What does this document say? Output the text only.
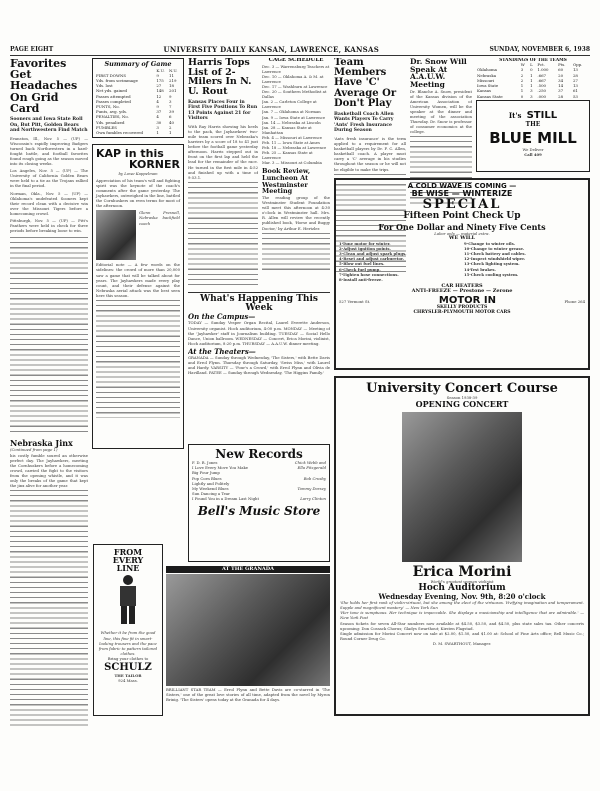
PAGE EIGHT	UNIVERSITY DAILY KANSAN, LAWRENCE, KANSAS	SUNDAY, NOVEMBER 6, 1938
Favorites Get Headaches On Grid Card
Sooners and Iowa State Roll On, But Pitt, Golden Bears and Northwestern Find Match

Evanston, Ill., Nov. 5 — (UP) — Wisconsin's rapidly improving Badgers turned back Northwestern in a hard-fought battle, and football favorites found rough going as the season moved into its closing weeks.

Los Angeles, Nov. 5 — (UP) — The University of California Golden Bears were held to a tie as the Trojans rallied in the final period.

Norman, Okla., Nov. 5 — (UP) — Oklahoma's undefeated Sooners kept their record clean with a decisive win over the Missouri Tigers before a homecoming crowd.

Pittsburgh, Nov. 5 — (UP) — Pitt's Panthers were held in check for three periods before breaking loose to win.

Nebraska Jinx
(Continued from page 1)
his costly fumble soured an otherwise perfect day. The Jayhawkers, meeting the Cornhuskers before a homecoming crowd, carried the fight to the visitors from the opening whistle, and it was only the breaks of the game that kept the jinx alive for another year.
Summary of Game
	K.U.	N.U.
FIRST DOWNS	9	11
Yds. from scrimmage	175	219
Yds. lost	27	18
Net yds. gained	148	201
Passes attempted	12	9
Passes completed	4	3
PUNTS, No.	9	7
Punts, avg. yds.	37	39
PENALTIES, No.	4	6
Yds. penalized	30	40
FUMBLES	3	2
Own fumbles recovered	1	1
KAP in this
KORNER
by Lowe Kappelman
Appreciation of his team's will and fighting spirit was the keynote of the coach's comments after the game yesterday. The Jayhawkers, outweighed in the line, battled the Cornhuskers on even terms for most of the afternoon.
Glenn Presnell, Nebraska backfield coach
Editorial note — A few words on the sidelines: the crowd of more than 20,000 saw a game that will be talked about for years. The Jayhawkers made every play count, and their defense against the Nebraska aerial attack was the best seen here this season.
FROM
EVERY
LINE
Whether it be from the good line, this fine fit in smart-looking trousers and the pace from fabric to pattern tailored clothes.
Bring your clothes to
SCHULZ
THE TAILOR
924 Mass.
Harris Tops List of 2-Milers In N. U. Rout
Kansas Places Four in First Five Positions To Run 13 Points Against 21 for Visitors
With Ray Harris showing his heels to the pack, the Jayhawkers' two-mile team scored over Nebraska's harriers by a score of 18 to 41 just before the football game yesterday afternoon. Harris stepped out in front on the first lap and held the lead for the remainder of the race. He turned in the first mile in 4:52 and finished up with a time of 9:53.1.
CAGE SCHEDULE
Dec. 3 — Warrensburg Teachers at Lawrence
Dec. 10 — Oklahoma A. & M. at Lawrence
Dec. 17 — Washburn at Lawrence
Dec. 20 — Southern Methodist at Dallas
Jan. 2 — Carleton College at Lawrence
Jan. 7 — Oklahoma at Norman
Jan. 9 — Iowa State at Lawrence
Jan. 14 — Nebraska at Lincoln
Jan. 28 — Kansas State at Manhattan
Feb. 4 — Missouri at Lawrence
Feb. 11 — Iowa State at Ames
Feb. 18 — Nebraska at Lawrence
Feb. 25 — Kansas State at Lawrence
Mar. 3 — Missouri at Columbia
Book Review, Luncheon At Westminster Meeting
The reading group of the Westminster Student Foundation will meet this afternoon at 4:30 o'clock in Westminster hall. Mrs. R. Allen will review the recently published book, 'Horse and Buggy Doctor,' by Arthur E. Hertzler.
Team Members Have 'C' Average Or Don't Play
Basketball Coach Allen Wants Players To Carry 'Ants' Fresh Insurance During Season
'Ants fresh insurance' is the term applied to a requirement for all basketball players by Dr. F. C. Allen, basketball coach. A player must carry a 'C' average in his studies throughout the season or he will not be eligible to make the trips.
Dr. Snow Will Speak At A.A.U.W. Meeting
Dr. Blanche A. Snow, president of the Kansas division of the American Association of University Women, will be the speaker at the dinner and meeting of the association Thursday. Dr. Snow is professor of consumer economics at the college.
STANDINGS OF THE TEAMS
	W	L	Pct.	Pts.	Opp.
Oklahoma	3	0	1.000	60	13
Nebraska	2	1	.667	20	28
Missouri	2	1	.667	34	27
Iowa State	1	1	.500	14	13
Kansas	1	3	.250	37	61
Kansas State	0	3	.000	28	53
It's STILL
THE
BLUE MILL
We Deliver
Call 409
A COLD WAVE IS COMING —
BE WISE — WINTERIZE
SPECIAL
Fifteen Point Check Up
For One Dollar and Ninety Five Cents
Labor only — material extra.
WE WILL
1-Tune motor for winter.
2-Adjust ignition points.
3-Clean and adjust spark plugs.
4-Reset and adjust carburetor.
5-Blow out fuel lines.
6-Check fuel pump.
7-Tighten hose connections.
8-Install anti-freeze.
9-Change to winter oils.
10-Change to winter grease.
11-Check battery and cables.
12-Inspect windshield wiper.
13-Check lighting system.
14-Test brakes.
15-Check cooling system.
CAR HEATERS
ANTI-FREEZE — Prestone — Zerone
527 Vermont St.	MOTOR IN	Phone 264
SKELLY PRODUCTS
CHRYSLER-PLYMOUTH MOTOR CARS
What's Happening This Week
On the Campus—
TODAY — Sunday Vesper Organ Recital, Laurel Everette Anderson, University organist. Hoch auditorium, 4:00 p.m. MONDAY — Meeting of the 'Jayhawker' staff in Journalism building. TUESDAY — Social Hello Dance, Union ballroom. WEDNESDAY — Concert, Erica Morini, violinist, Hoch auditorium, 8:20 p.m. THURSDAY — A.A.U.W. dinner meeting.
At the Theaters—
GRANADA — Sunday through Wednesday, 'The Sisters,' with Bette Davis and Errol Flynn. Thursday through Saturday, 'Swiss Miss,' with Laurel and Hardy. VARSITY — 'Four's a Crowd,' with Errol Flynn and Olivia de Havilland. PATEE — Sunday through Wednesday, 'The Higgins Family.'
New Records
F. D. R. Jones	Chick Webb and
I Love Every Move You Make	Ella Fitzgerald
Big Four Jump
Pop Corn Blues	Bob Crosby
Lightly and Politely
My Weekend Blues	Tommy Dorsey
Sun Dancing a Tear
I Found You in a Dream Last Night	Larry Clinton
Bell's Music Store
AT THE GRANADA
BRILLIANT STAR TEAM — Errol Flynn and Bette Davis are co-starred in 'The Sisters,' one of the great love stories of all time, adapted from the novel by Myron Brinig. 'The Sisters' opens today at the Granada for 4 days.
University Concert Course
Season 1938-39
OPENING CONCERT
Erica Morini
World's greatest woman violinist
Hoch Auditorium
Wednesday Evening, Nov. 9th, 8:20 o'clock
'She holds her first rank of violin-virtuosi, but she among the elect of the virtuosos. Vivifying imagination and temperament. Supple and magnificent mastery.' — New York Sun
'Her tone is sumptuous. Her technique is impeccable. She displays a musicianship and intelligence that are admirable.' — New York Post
Season tickets for seven All-Star numbers now available at $4.50, $3.50, and $4.50, plus state sales tax. Other concerts upcoming: Don Cossack Chorus; Gladys Swarthout; Kirsten Flagstad.
Single admission for Morini Concert now on sale at $2.00, $1.50, and $1.00 at: School of Fine Arts office; Bell Music Co.; Round Corner Drug Co.
D. M. SWARTHOUT, Manager.
